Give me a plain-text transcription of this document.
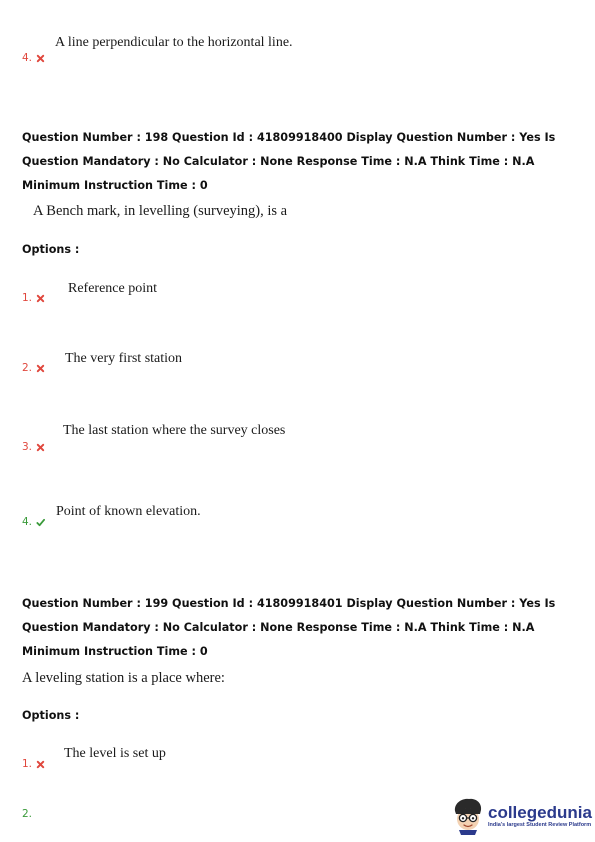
A line perpendicular to the horizontal line.
4.
Question Number : 198 Question Id : 41809918400 Display Question Number : Yes Is Question Mandatory : No Calculator : None Response Time : N.A Think Time : N.A Minimum Instruction Time : 0
A Bench mark, in levelling (surveying), is a
Options :
Reference point
1.
The very first station
2.
The last station where the survey closes
3.
Point of known elevation.
4.
Question Number : 199 Question Id : 41809918401 Display Question Number : Yes Is Question Mandatory : No Calculator : None Response Time : N.A Think Time : N.A Minimum Instruction Time : 0
A leveling station is a place where:
Options :
The level is set up
1.
2.	collegedunia
India's largest Student Review Platform
